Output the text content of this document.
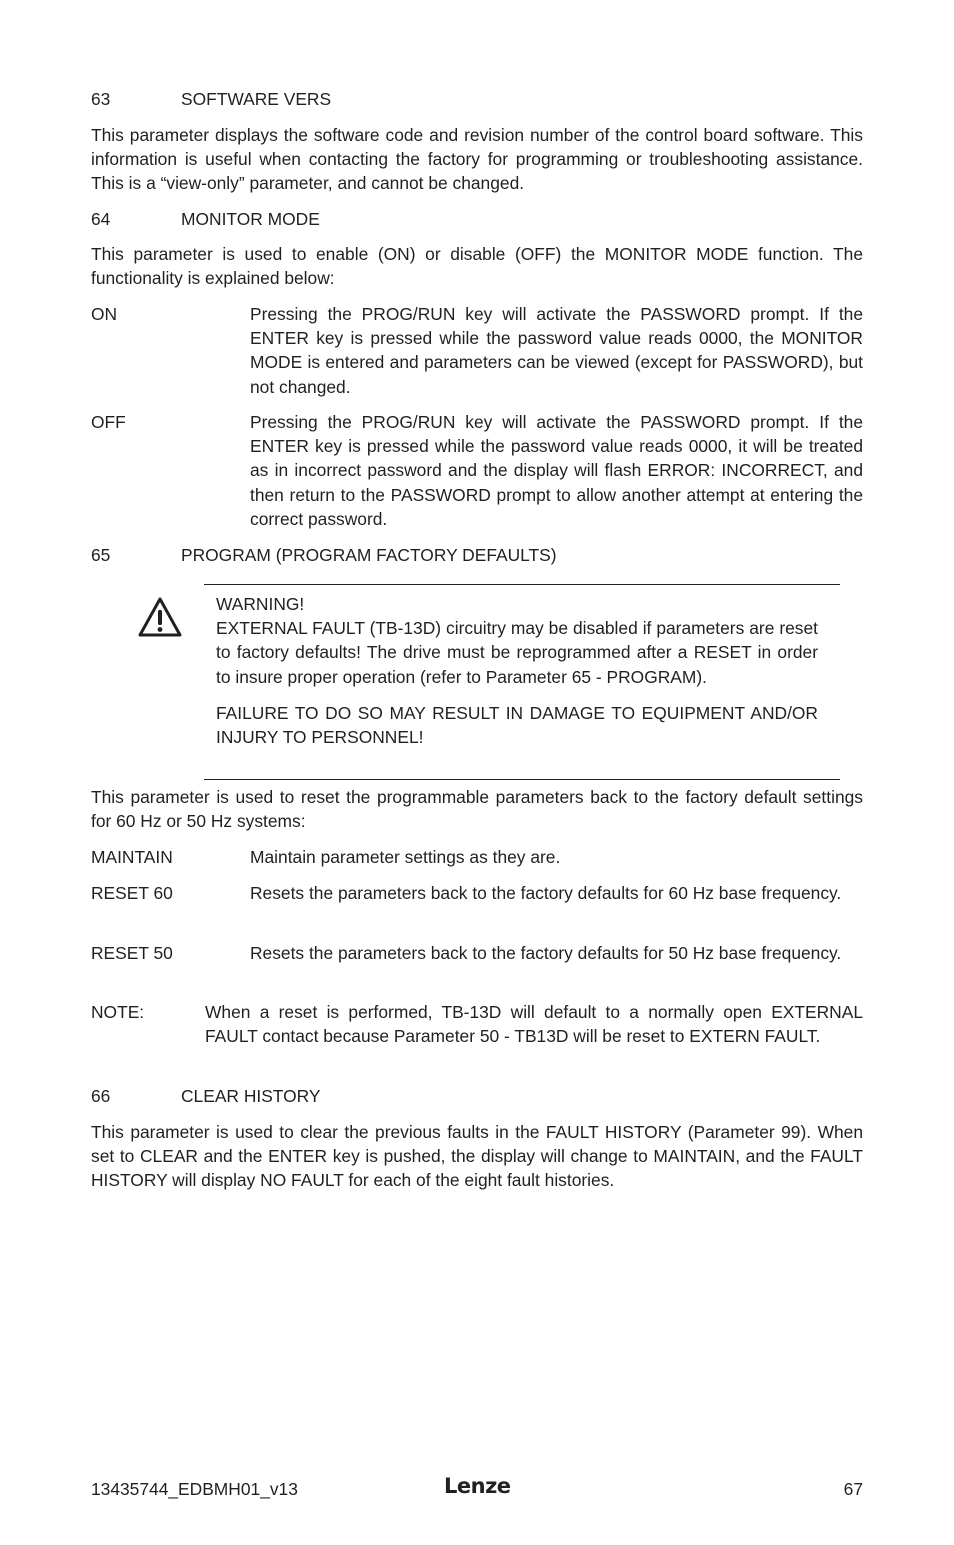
63	SOFTWARE VERS

This parameter displays the software code and revision number of the control board software. This information is useful when contacting the factory for programming or troubleshooting assistance. This is a “view-only” parameter, and cannot be changed.

64	MONITOR MODE

This parameter is used to enable (ON) or disable (OFF) the MONITOR MODE function. The functionality is explained below:

ON	Pressing the PROG/RUN key will activate the PASSWORD prompt. If the ENTER key is pressed while the password value reads 0000, the MONITOR MODE is entered and parameters can be viewed (except for PASSWORD), but not changed.

OFF	Pressing the PROG/RUN key will activate the PASSWORD prompt. If the ENTER key is pressed while the password value reads 0000, it will be treated as in incorrect password and the display will flash ERROR: INCORRECT, and then return to the PASSWORD prompt to allow another attempt at entering the correct password.

65	PROGRAM (PROGRAM FACTORY DEFAULTS)
WARNING!
EXTERNAL FAULT (TB-13D) circuitry may be disabled if parameters are reset to factory defaults! The drive must be reprogrammed after a RESET in order to insure proper operation (refer to Parameter 65 - PROGRAM).
FAILURE TO DO SO MAY RESULT IN DAMAGE TO EQUIPMENT AND/OR INJURY TO PERSONNEL!

This parameter is used to reset the programmable parameters back to the factory default settings for 60 Hz or 50 Hz systems:

MAINTAIN	Maintain parameter settings as they are.

RESET 60	Resets the parameters back to the factory defaults for 60 Hz base frequency.

RESET 50	Resets the parameters back to the factory defaults for 50 Hz base frequency.

NOTE:	When a reset is performed, TB-13D will default to a normally open EXTERNAL FAULT contact because Parameter 50 - TB13D will be reset to EXTERN FAULT.

66	CLEAR HISTORY

This parameter is used to clear the previous faults in the FAULT HISTORY (Parameter 99). When set to CLEAR and the ENTER key is pushed, the display will change to MAINTAIN, and the FAULT HISTORY will display NO FAULT for each of the eight fault histories.

13435744_EDBMH01_v13	Lenze	67
